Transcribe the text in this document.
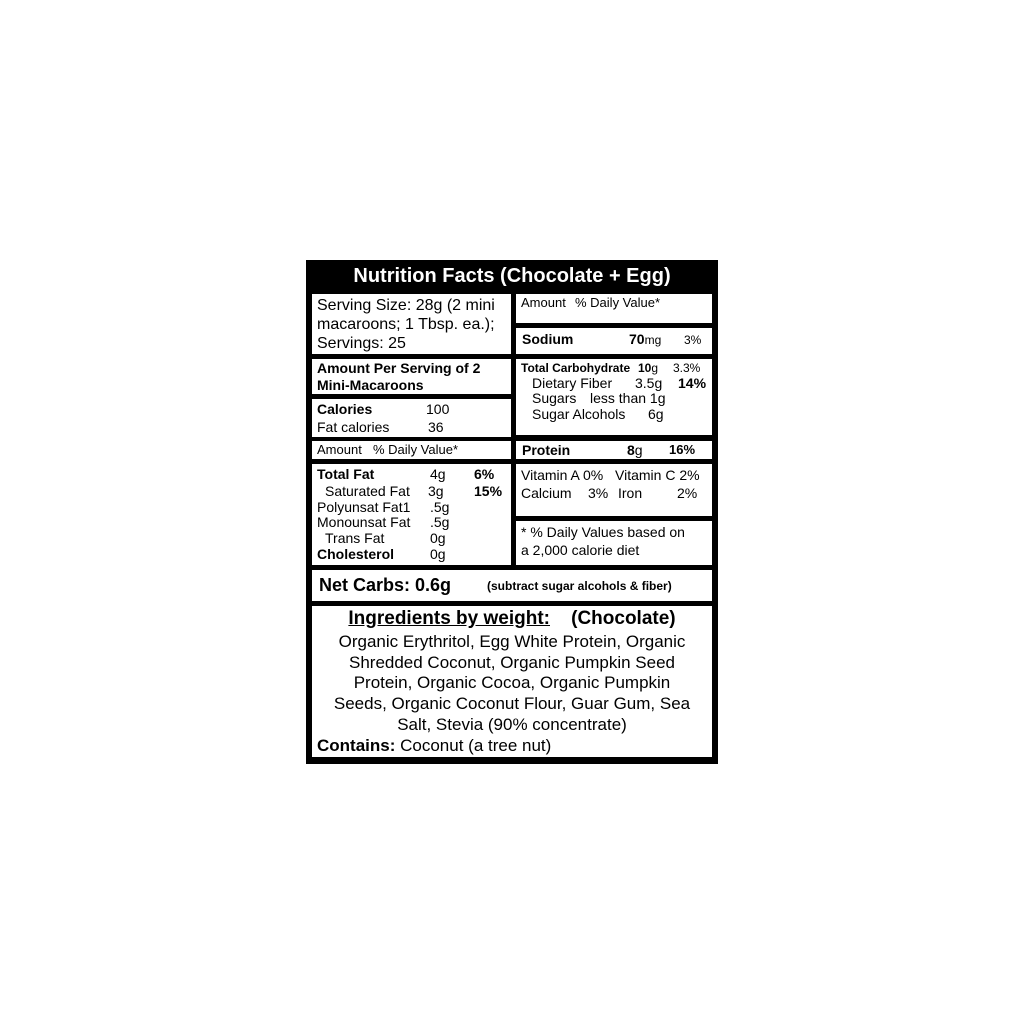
Nutrition Facts (Chocolate + Egg)
Serving Size: 28g (2 mini
macaroons; 1 Tbsp. ea.);
Servings: 25
Amount Per Serving of 2
Mini-Macaroons
Calories	100
Fat calories	36
Amount % Daily Value*
Total Fat	4g 6%
Saturated Fat 3g 15%
Polyunsat Fat1 .5g
Monounsat Fat .5g
Trans Fat	0g
Cholesterol	0g
Amount % Daily Value*
Sodium	70mg 3%
Total Carbohydrate 10g 3.3%
Dietary Fiber 3.5g 14%
Sugars less than 1g
Sugar Alcohols 6g
Protein	8g 16%
Vitamin A 0% Vitamin C 2%
Calcium 3% Iron 2%
* % Daily Values based on
a 2,000 calorie diet
Net Carbs: 0.6g	(subtract sugar alcohols & fiber)
Ingredients by weight: (Chocolate)
Organic Erythritol, Egg White Protein, Organic
Shredded Coconut, Organic Pumpkin Seed
Protein, Organic Cocoa, Organic Pumpkin
Seeds, Organic Coconut Flour, Guar Gum, Sea
Salt, Stevia (90% concentrate)
Contains: Coconut (a tree nut)
